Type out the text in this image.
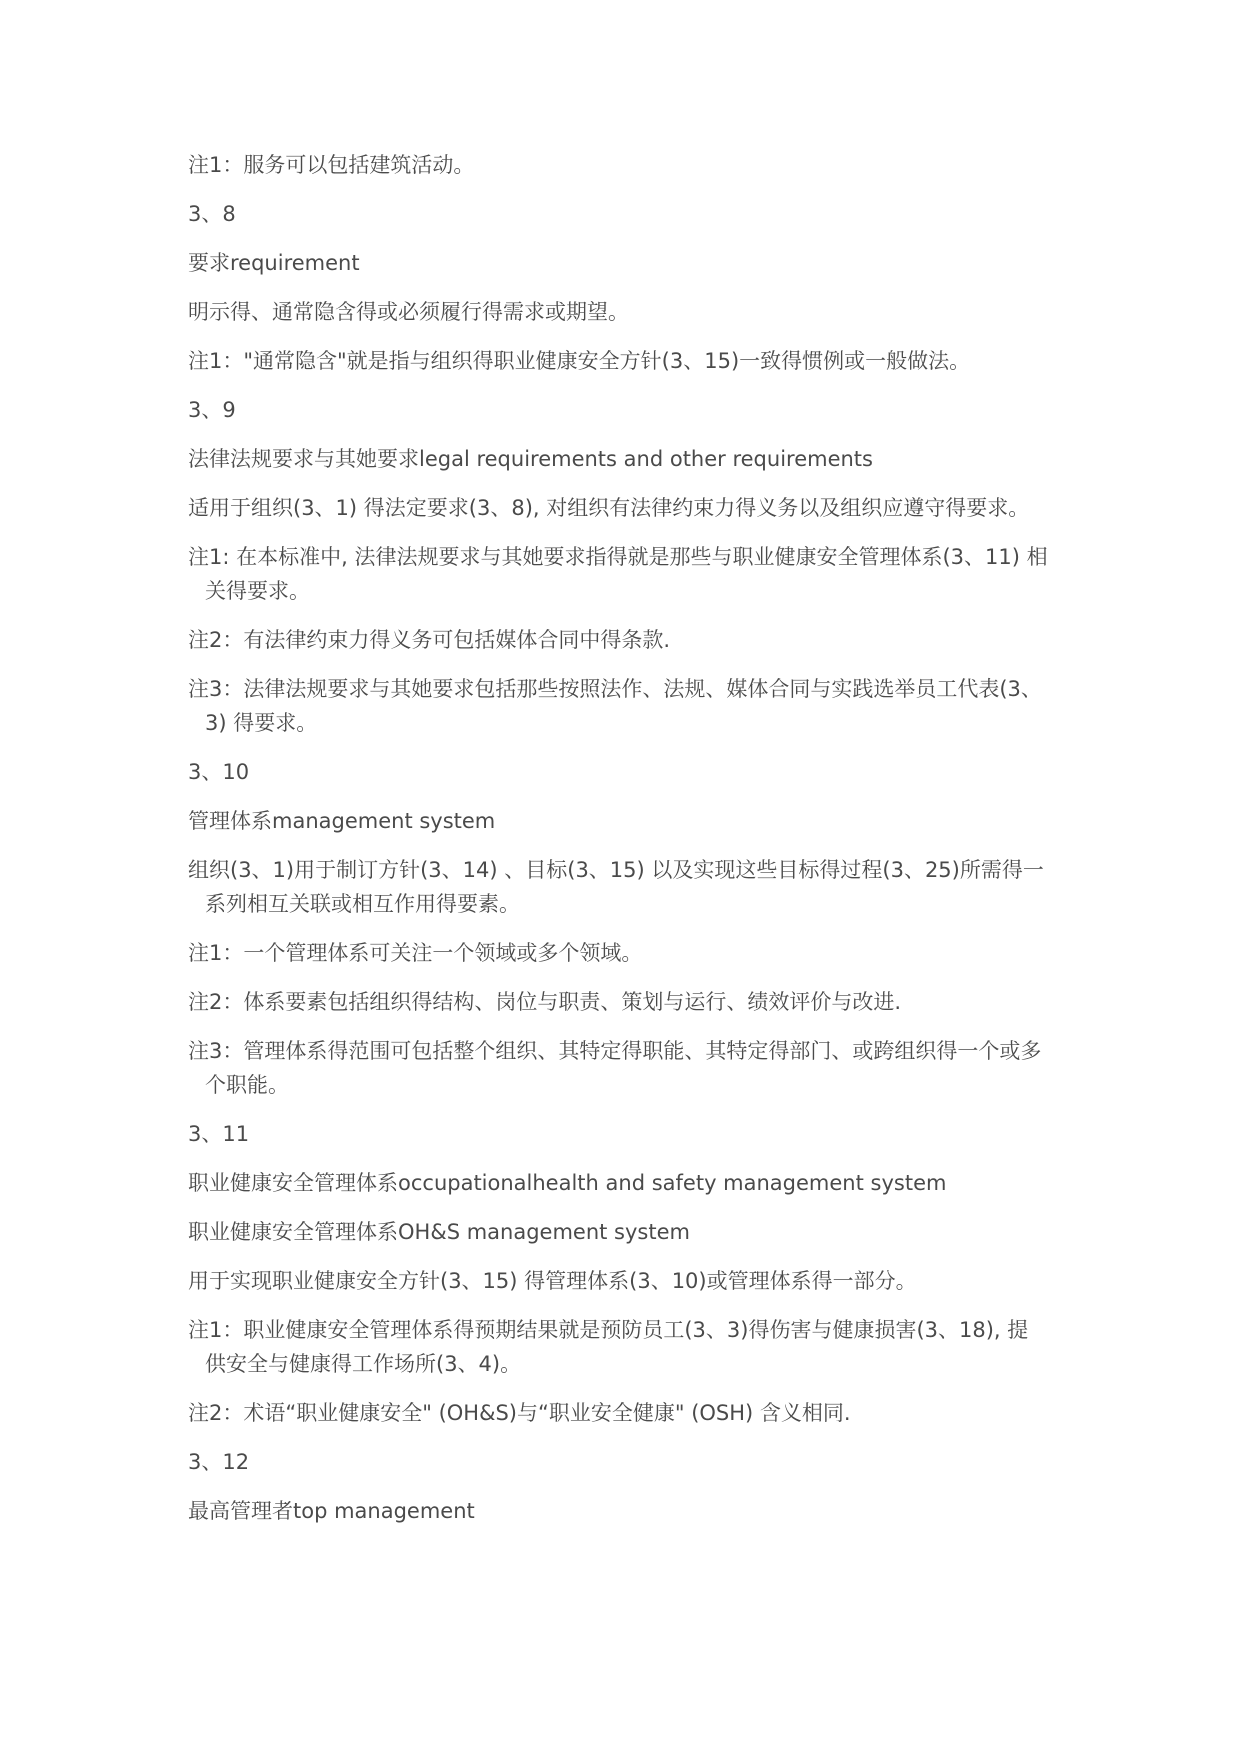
注1：服务可以包括建筑活动。

3、8

要求requirement

明示得、通常隐含得或必须履行得需求或期望。

注1："通常隐含"就是指与组织得职业健康安全方针(3、15)一致得惯例或一般做法。

3、9

法律法规要求与其她要求legal requirements and other requirements

适用于组织(3、1) 得法定要求(3、8), 对组织有法律约束力得义务以及组织应遵守得要求。

注1: 在本标准中, 法律法规要求与其她要求指得就是那些与职业健康安全管理体系(3、11) 相关得要求。

注2：有法律约束力得义务可包括媒体合同中得条款.

注3：法律法规要求与其她要求包括那些按照法作、法规、媒体合同与实践选举员工代表(3、3) 得要求。

3、10

管理体系management system

组织(3、1)用于制订方针(3、14) 、目标(3、15) 以及实现这些目标得过程(3、25)所需得一系列相互关联或相互作用得要素。

注1：一个管理体系可关注一个领域或多个领域。

注2：体系要素包括组织得结构、岗位与职责、策划与运行、绩效评价与改进.

注3：管理体系得范围可包括整个组织、其特定得职能、其特定得部门、或跨组织得一个或多个职能。

3、11

职业健康安全管理体系occupationalhealth and safety management system

职业健康安全管理体系OH&S management system

用于实现职业健康安全方针(3、15) 得管理体系(3、10)或管理体系得一部分。

注1：职业健康安全管理体系得预期结果就是预防员工(3、3)得伤害与健康损害(3、18), 提供安全与健康得工作场所(3、4)。

注2：术语“职业健康安全" (OH&S)与“职业安全健康" (OSH) 含义相同.

3、12

最高管理者top management
